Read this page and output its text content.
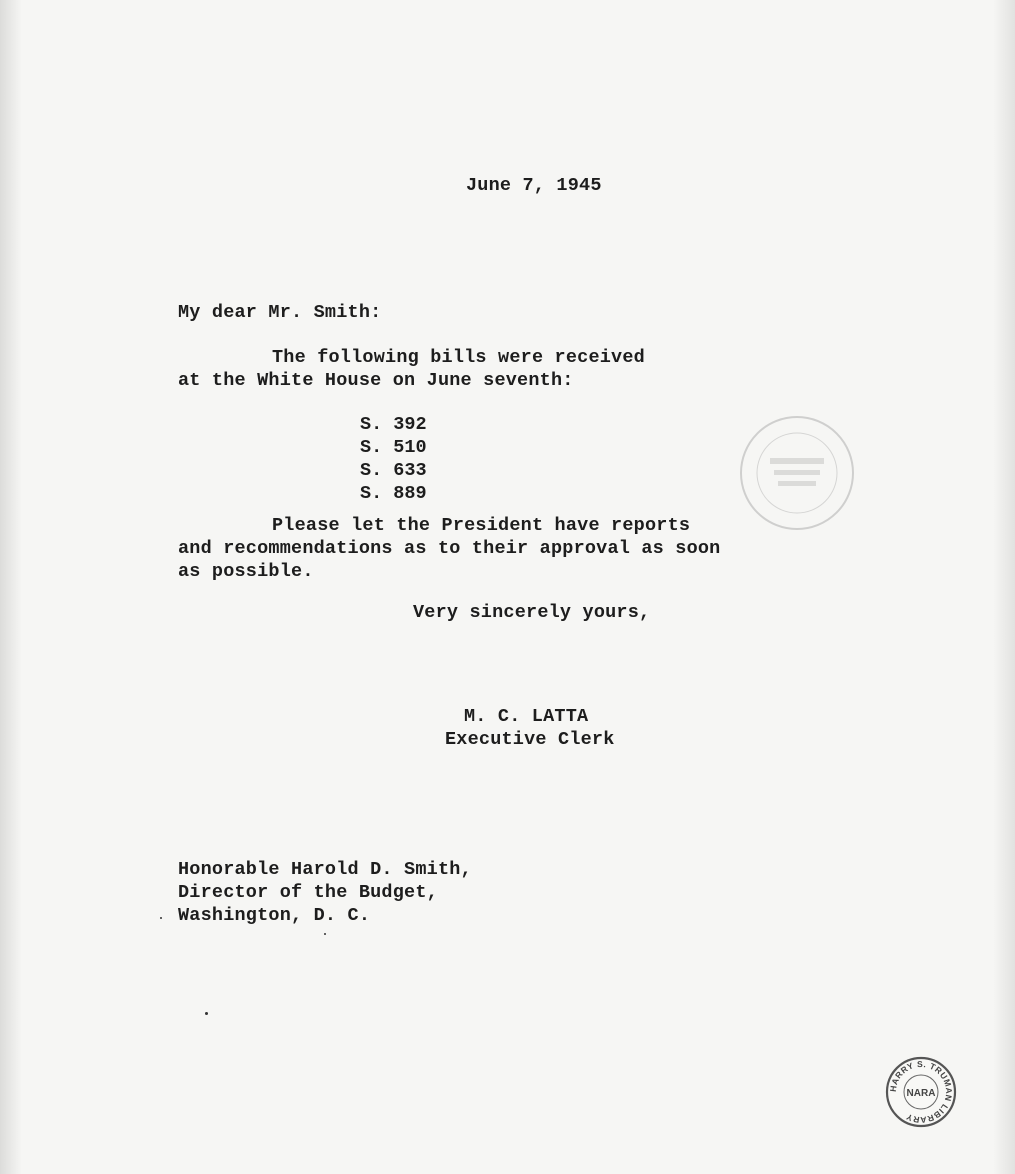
June 7, 1945

My dear Mr. Smith:

The following bills were received

at the White House on June seventh:

S. 392
S. 510
S. 633
S. 889

Please let the President have reports

and recommendations as to their approval as soon

as possible.

Very sincerely yours,

M. C. LATTA

Executive Clerk

Honorable Harold D. Smith,

Director of the Budget,

Washington, D. C.

HARRY S. TRUMAN LIBRARY
NARA
